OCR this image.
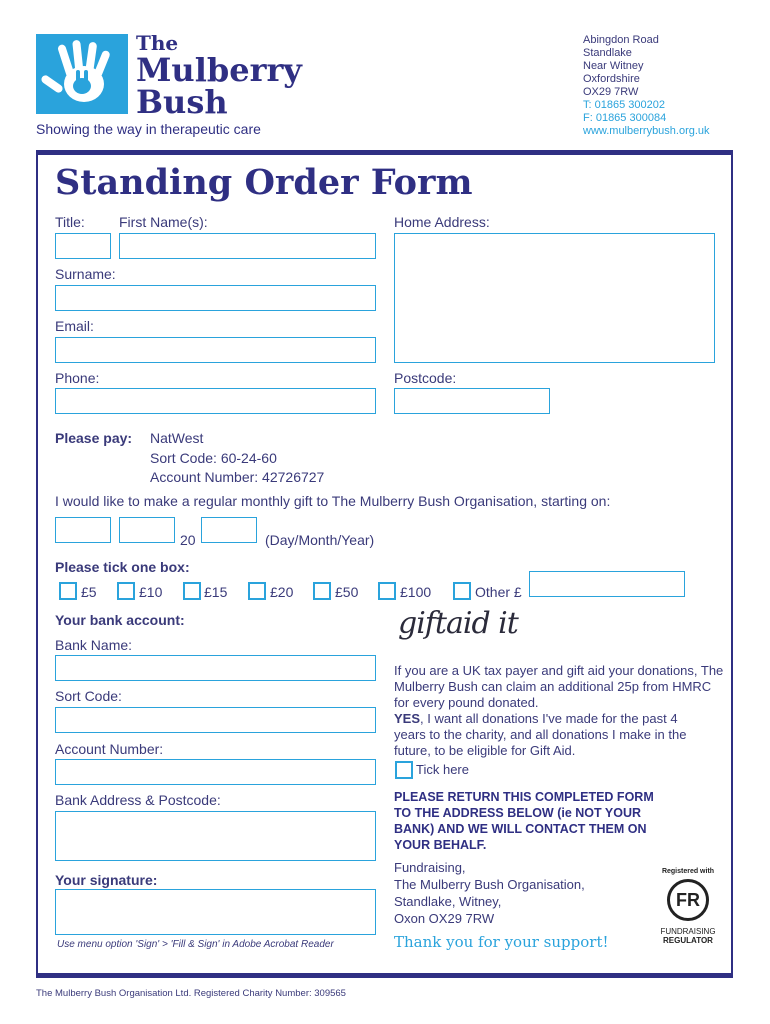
The
Mulberry
Bush
Showing the way in therapeutic care
Abingdon Road
Standlake
Near Witney
Oxfordshire
OX29 7RW
T: 01865 300202
F: 01865 300084
www.mulberrybush.org.uk
Standing Order Form
Title: First Name(s):	Home Address:
Surname:
Email:
Phone:	Postcode:
Please pay: NatWest
Sort Code: 60-24-60
Account Number: 42726727
I would like to make a regular monthly gift to The Mulberry Bush Organisation, starting on:
20	(Day/Month/Year)
Please tick one box:
£5	£10	£15	£20	£50	£100	Other £
Your bank account:
Bank Name:
Sort Code:
Account Number:
Bank Address & Postcode:
Your signature:
Use menu option 'Sign' > 'Fill & Sign' in Adobe Acrobat Reader
giftaid it
If you are a UK tax payer and gift aid your donations, The Mulberry Bush can claim an additional 25p from HMRC for every pound donated.
YES, I want all donations I've made for the past 4 years to the charity, and all donations I make in the future, to be eligible for Gift Aid.
Tick here
PLEASE RETURN THIS COMPLETED FORM TO THE ADDRESS BELOW (ie NOT YOUR BANK) AND WE WILL CONTACT THEM ON YOUR BEHALF.
Fundraising,
The Mulberry Bush Organisation,
Standlake, Witney,
Oxon OX29 7RW
Thank you for your support!
Registered with
FR
FUNDRAISING
REGULATOR
The Mulberry Bush Organisation Ltd. Registered Charity Number: 309565
